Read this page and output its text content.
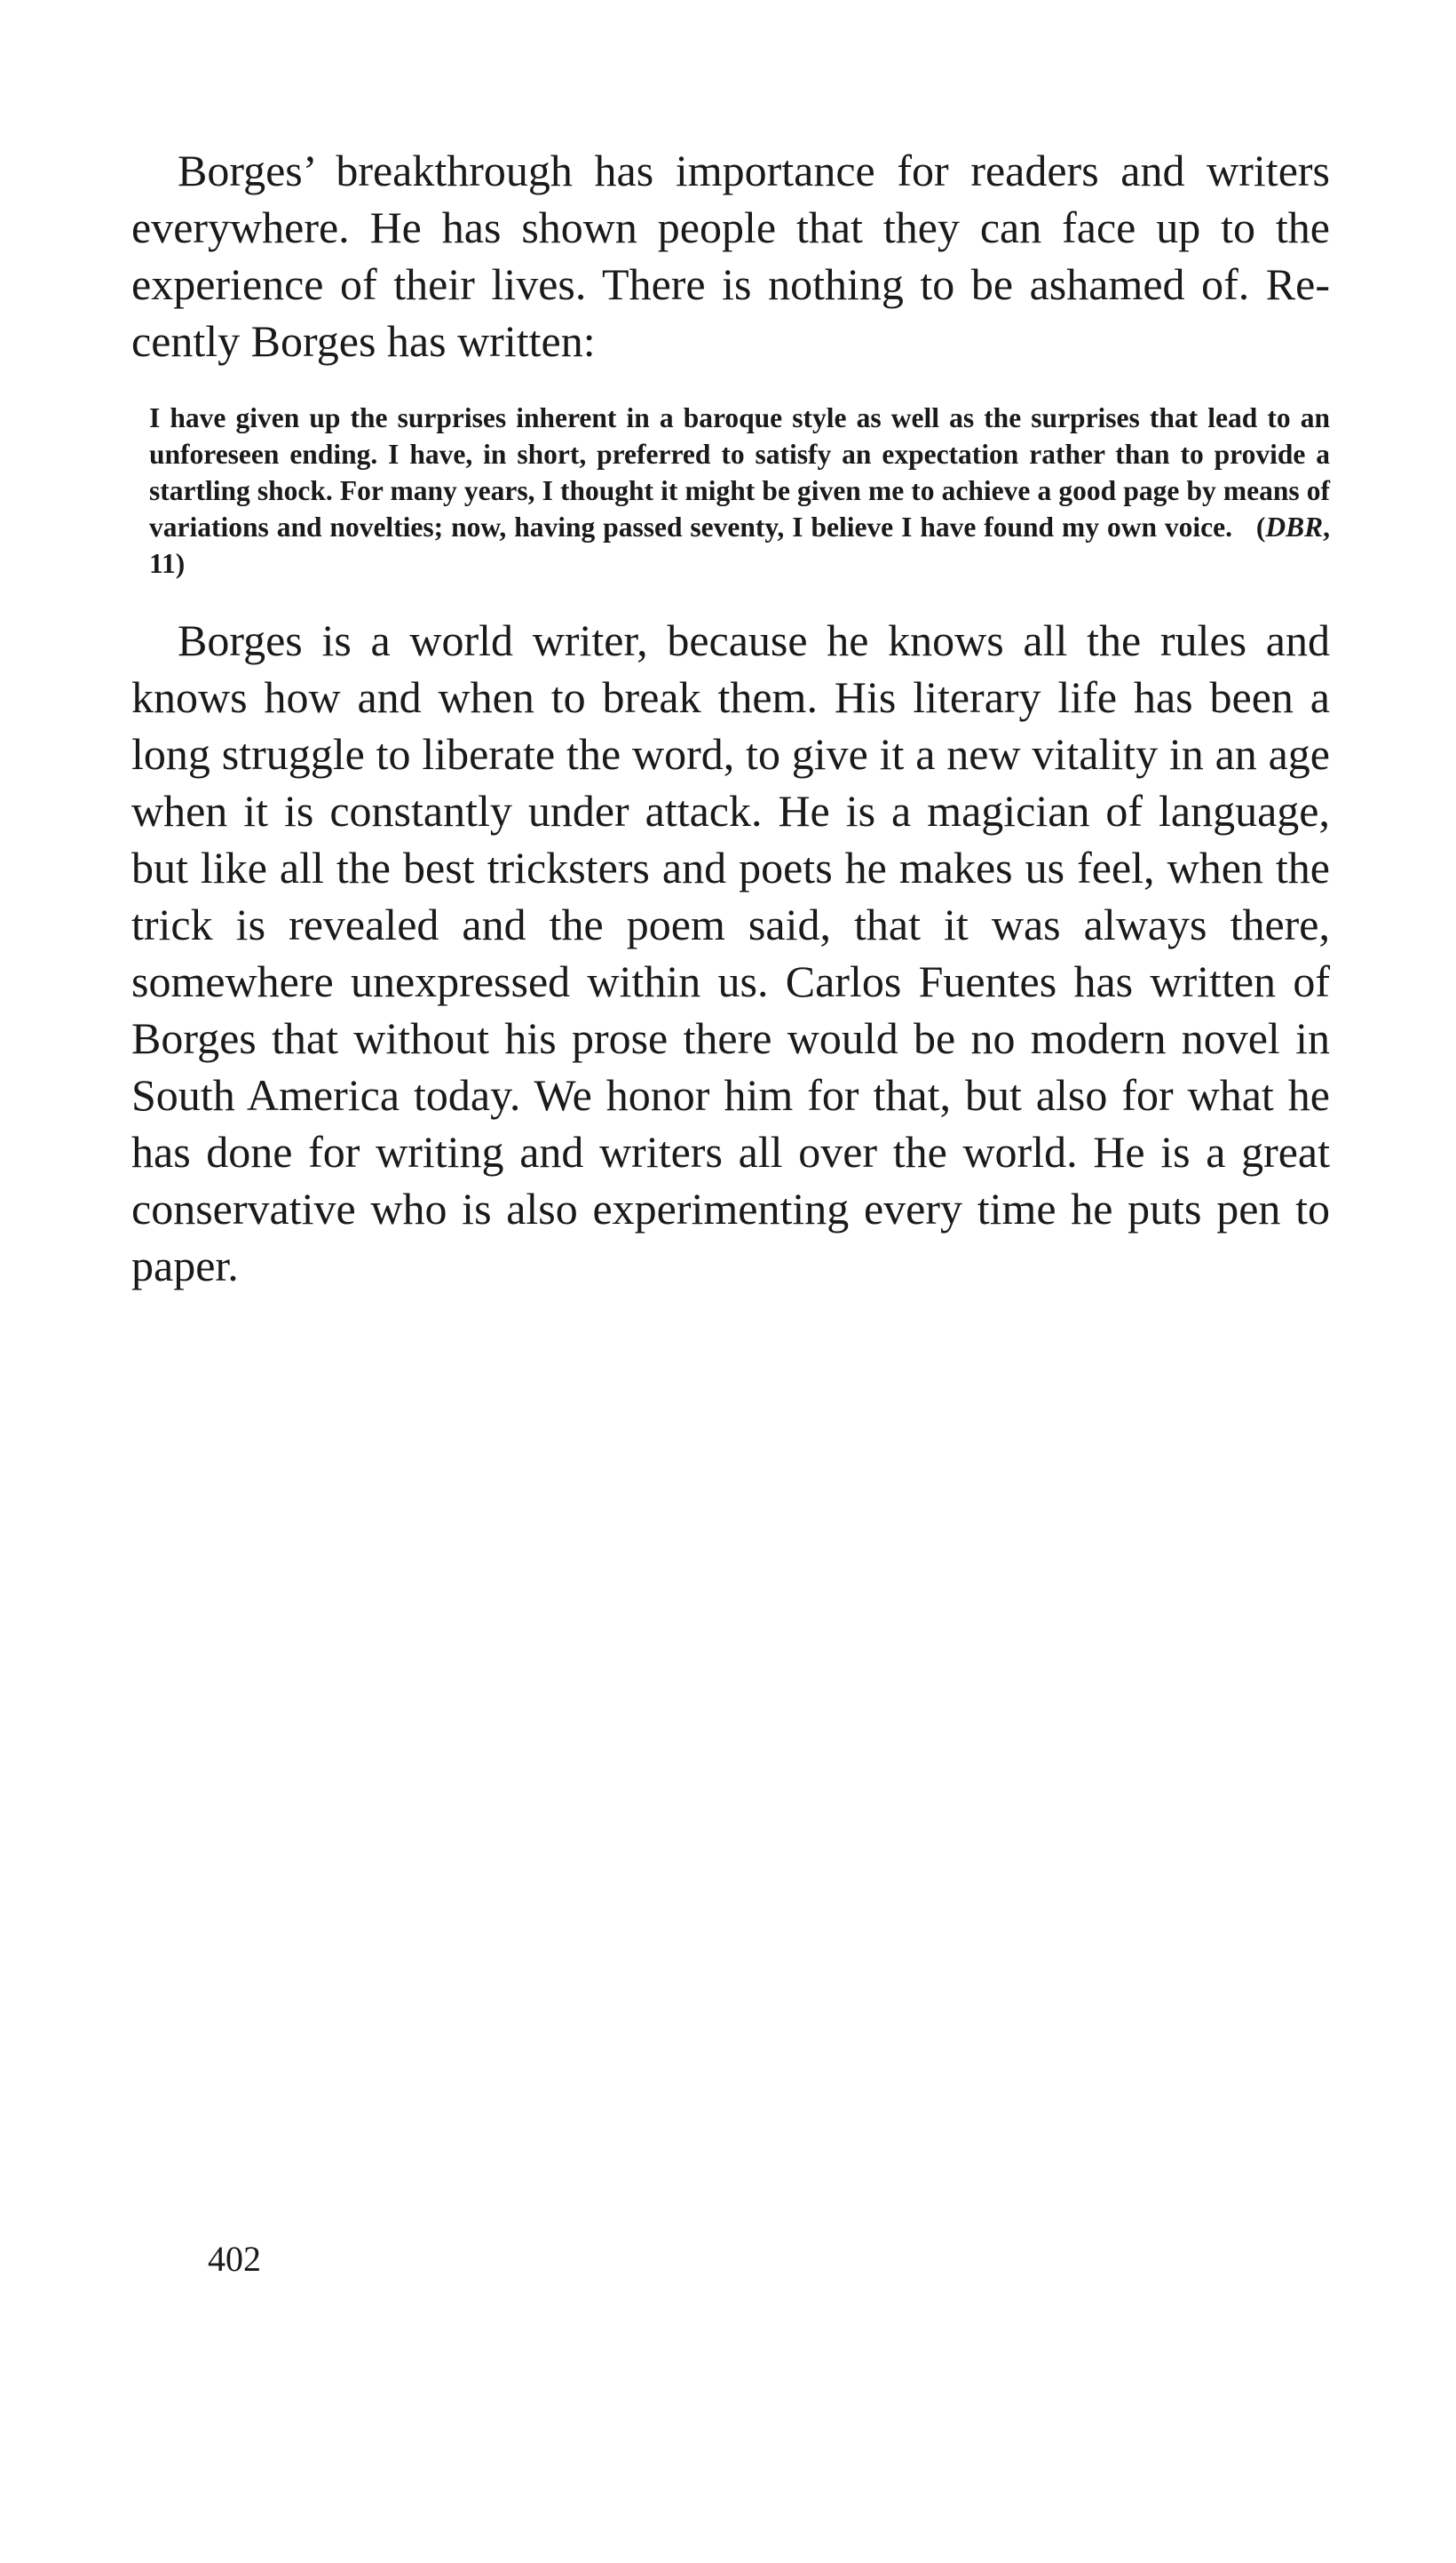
Borges’ breakthrough has importance for readers and writers everywhere. He has shown people that they can face up to the experience of their lives. There is nothing to be ashamed of. Recently Borges has written:

I have given up the surprises inherent in a baroque style as well as the surprises that lead to an unforeseen ending. I have, in short, preferred to satisfy an expectation rather than to provide a startling shock. For many years, I thought it might be given me to achieve a good page by means of variations and novelties; now, having passed seventy, I believe I have found my own voice. (DBR, 11)

Borges is a world writer, because he knows all the rules and knows how and when to break them. His literary life has been a long struggle to liberate the word, to give it a new vitality in an age when it is constantly under attack. He is a magician of language, but like all the best tricksters and poets he makes us feel, when the trick is revealed and the poem said, that it was always there, somewhere unexpressed within us. Carlos Fuentes has written of Borges that without his prose there would be no modern novel in South America today. We honor him for that, but also for what he has done for writing and writers all over the world. He is a great conservative who is also experimenting every time he puts pen to paper.

402
